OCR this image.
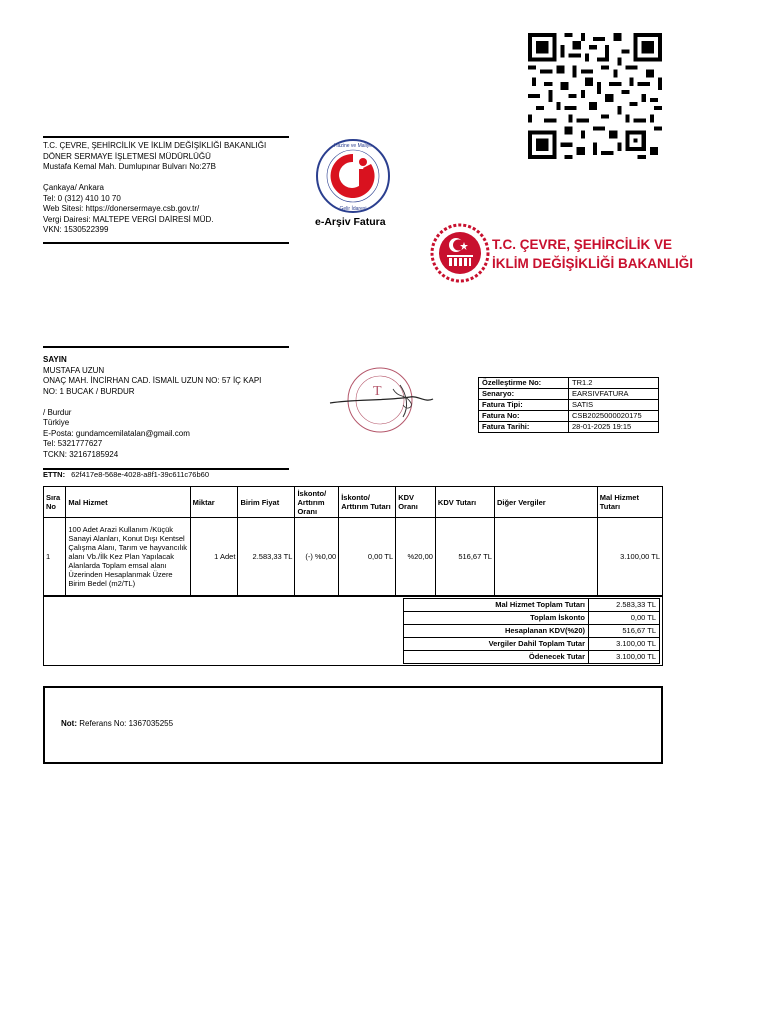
T.C. ÇEVRE, ŞEHİRCİLİK VE İKLİM DEĞİŞİKLİĞİ BAKANLIĞI
DÖNER SERMAYE İŞLETMESİ MÜDÜRLÜĞÜ
Mustafa Kemal Mah. Dumlupınar Bulvarı No:27B
Çankaya/ Ankara
Tel: 0 (312) 410 10 70
Web Sitesi: https://donersermaye.csb.gov.tr/
Vergi Dairesi: MALTEPE VERGİ DAİRESİ MÜD.
VKN: 1530522399
Hazine ve Maliye
Gelir İdaresi
e-Arşiv Fatura
T.C. ÇEVRE, ŞEHİRCİLİK VE
İKLİM DEĞİŞİKLİĞİ BAKANLIĞI
SAYIN
MUSTAFA UZUN
ONAÇ MAH. İNCİRHAN CAD. İSMAİL UZUN NO: 57 İÇ KAPI
NO: 1 BUCAK / BURDUR
/ Burdur
Türkiye
E-Posta: gundamcemilatalan@gmail.com
Tel: 5321777627
TCKN: 32167185924
T
Özelleştirme No:	TR1.2
Senaryo:	EARSIVFATURA
Fatura Tipi:	SATIS
Fatura No:	CSB2025000020175
Fatura Tarihi:	28-01-2025 19:15
ETTN: 62f417e8-568e-4028-a8f1-39c611c76b60
Sıra No	Mal Hizmet	Miktar	Birim Fiyat	İskonto/ Arttırım Oranı	İskonto/ Arttırım Tutarı	KDV Oranı	KDV Tutarı	Diğer Vergiler	Mal Hizmet Tutarı
1	100 Adet Arazi Kullanım /Küçük Sanayi Alanları, Konut Dışı Kentsel Çalışma Alanı, Tarım ve hayvancılık alanı Vb./İlk Kez Plan Yapılacak Alanlarda Toplam emsal alanı Üzerinden Hesaplanmak Üzere Birim Bedel (m2/TL)	1 Adet	2.583,33 TL	(-) %0,00	0,00 TL	%20,00	516,67 TL		3.100,00 TL
Mal Hizmet Toplam Tutarı	2.583,33 TL
Toplam İskonto	0,00 TL
Hesaplanan KDV(%20)	516,67 TL
Vergiler Dahil Toplam Tutar	3.100,00 TL
Ödenecek Tutar	3.100,00 TL
Not: Referans No: 1367035255
